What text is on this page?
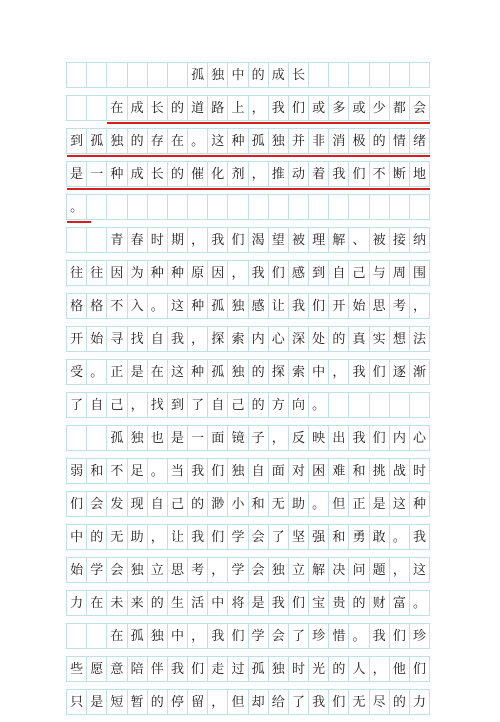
孤 独 中 的 成 长
在 成 长 的 道 路 上 ， 我 们 或 多 或 少 都 会
到 孤 独 的 存 在 。 这 种 孤 独 并 非 消 极 的 情 绪
是 一 种 成 长 的 催 化 剂 ， 推 动 着 我 们 不 断 地
。
青 春 时 期 ， 我 们 渴 望 被 理 解 、 被 接 纳
往 往 因 为 种 种 原 因 ， 我 们 感 到 自 己 与 周 围
格 格 不 入 。 这 种 孤 独 感 让 我 们 开 始 思 考 ，
开 始 寻 找 自 我 ， 探 索 内 心 深 处 的 真 实 想 法
受 。 正 是 在 这 种 孤 独 的 探 索 中 ， 我 们 逐 渐
了 自 己 ， 找 到 了 自 己 的 方 向 。
孤 独 也 是 一 面 镜 子 ， 反 映 出 我 们 内 心
弱 和 不 足 。 当 我 们 独 自 面 对 困 难 和 挑 战 时
们 会 发 现 自 己 的 渺 小 和 无 助 。 但 正 是 这 种
中 的 无 助 ， 让 我 们 学 会 了 坚 强 和 勇 敢 。 我
始 学 会 独 立 思 考 ， 学 会 独 立 解 决 问 题 ， 这
力 在 未 来 的 生 活 中 将 是 我 们 宝 贵 的 财 富 。
在 孤 独 中 ， 我 们 学 会 了 珍 惜 。 我 们 珍
些 愿 意 陪 伴 我 们 走 过 孤 独 时 光 的 人 ， 他 们
只 是 短 暂 的 停 留 ， 但 却 给 了 我 们 无 尽 的 力
